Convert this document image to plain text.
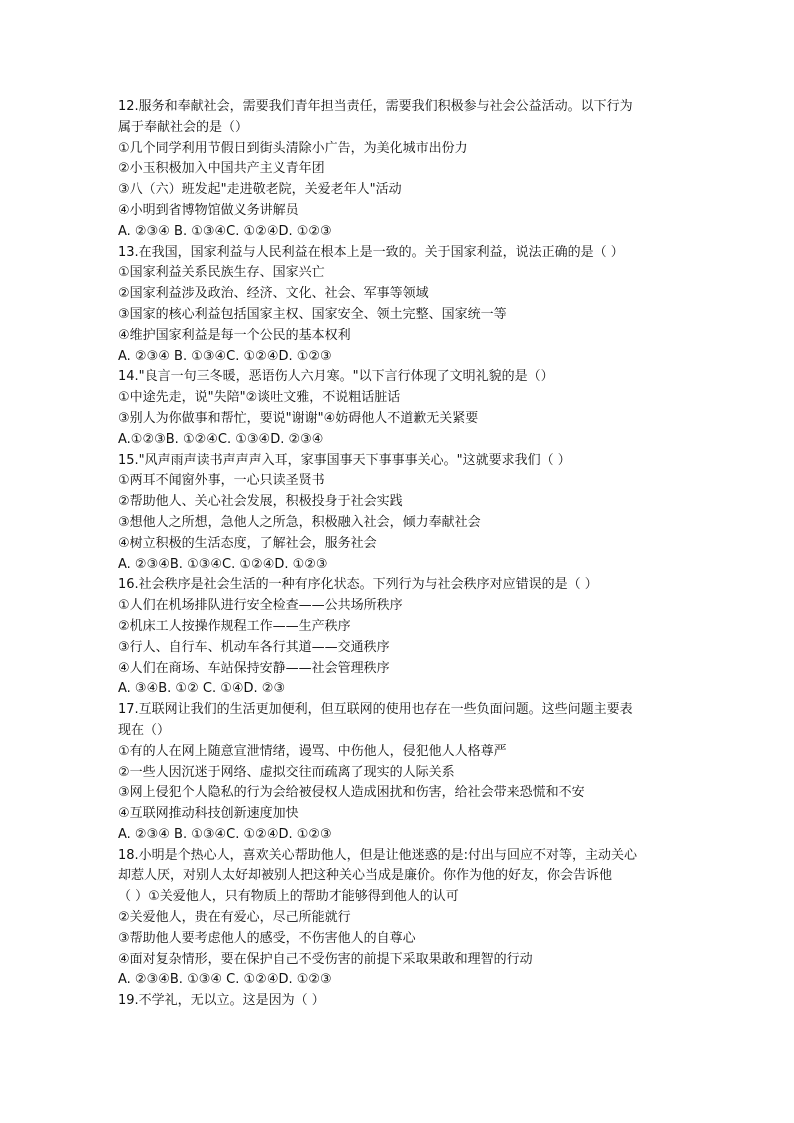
12.服务和奉献社会，需要我们青年担当责任，需要我们积极参与社会公益活动。以下行为
属于奉献社会的是（）
①几个同学利用节假日到街头清除小广告，为美化城市出份力
②小玉积极加入中国共产主义青年团
③八（六）班发起"走进敬老院，关爱老年人"活动
④小明到省博物馆做义务讲解员
A. ②③④ B. ①③④C. ①②④D. ①②③
13.在我国，国家利益与人民利益在根本上是一致的。关于国家利益，说法正确的是（ ）
①国家利益关系民族生存、国家兴亡
②国家利益涉及政治、经济、文化、社会、军事等领域
③国家的核心利益包括国家主权、国家安全、领土完整、国家统一等
④维护国家利益是每一个公民的基本权利
A. ②③④ B. ①③④C. ①②④D. ①②③
14."良言一句三冬暖，恶语伤人六月寒。"以下言行体现了文明礼貌的是（）
①中途先走，说"失陪"②谈吐文雅，不说粗话脏话
③别人为你做事和帮忙，要说"谢谢"④妨碍他人不道歉无关紧要
A.①②③B. ①②④C. ①③④D. ②③④
15."风声雨声读书声声声入耳，家事国事天下事事事关心。"这就要求我们（ ）
①两耳不闻窗外事，一心只读圣贤书
②帮助他人、关心社会发展，积极投身于社会实践
③想他人之所想，急他人之所急，积极融入社会，倾力奉献社会
④树立积极的生活态度，了解社会，服务社会
A. ②③④B. ①③④C. ①②④D. ①②③
16.社会秩序是社会生活的一种有序化状态。下列行为与社会秩序对应错误的是（ ）
①人们在机场排队进行安全检查——公共场所秩序
②机床工人按操作规程工作——生产秩序
③行人、自行车、机动车各行其道——交通秩序
④人们在商场、车站保持安静——社会管理秩序
A. ③④B. ①② C. ①④D. ②③
17.互联网让我们的生活更加便利，但互联网的使用也存在一些负面问题。这些问题主要表
现在（）
①有的人在网上随意宣泄情绪，谩骂、中伤他人，侵犯他人人格尊严
②一些人因沉迷于网络、虚拟交往而疏离了现实的人际关系
③网上侵犯个人隐私的行为会给被侵权人造成困扰和伤害，给社会带来恐慌和不安
④互联网推动科技创新速度加快
A. ②③④ B. ①③④C. ①②④D. ①②③
18.小明是个热心人，喜欢关心帮助他人，但是让他迷惑的是:付出与回应不对等，主动关心
却惹人厌，对别人太好却被别人把这种关心当成是廉价。你作为他的好友，你会告诉他
（ ）①关爱他人，只有物质上的帮助才能够得到他人的认可
②关爱他人，贵在有爱心，尽己所能就行
③帮助他人要考虑他人的感受，不伤害他人的自尊心
④面对复杂情形，要在保护自己不受伤害的前提下采取果敢和理智的行动
A. ②③④B. ①③④ C. ①②④D. ①②③
19.不学礼，无以立。这是因为（ ）
